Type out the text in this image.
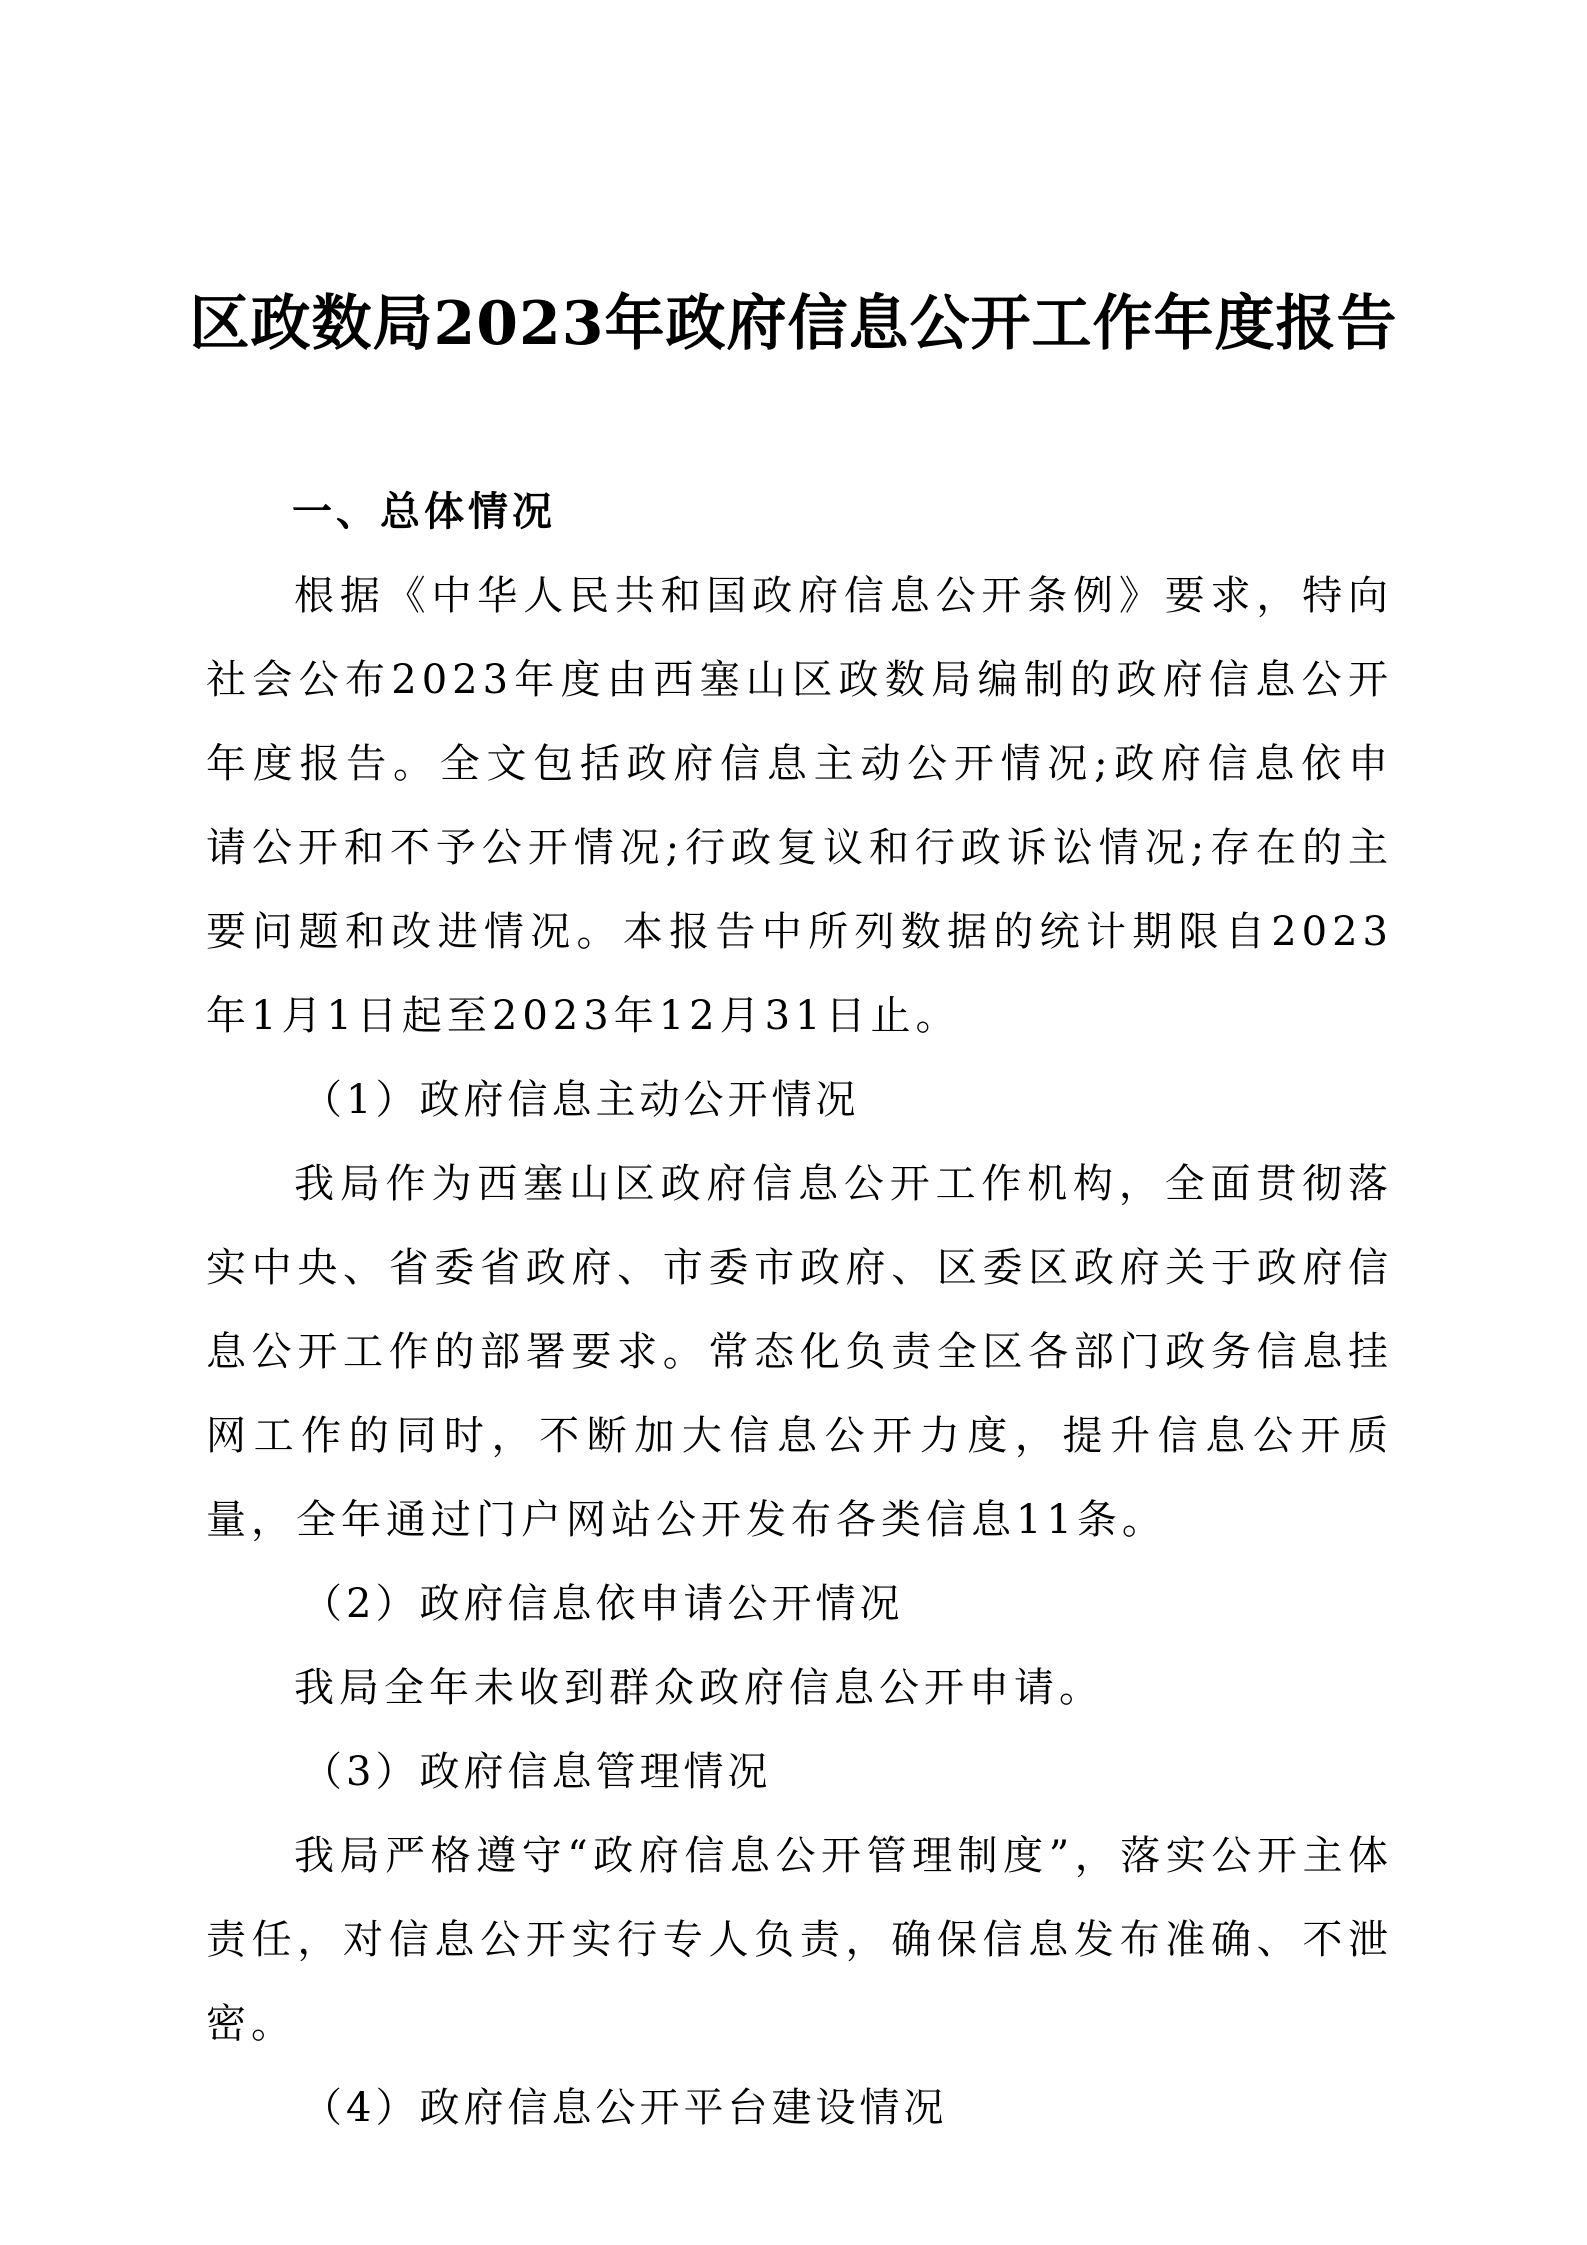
区政数局2023年政府信息公开工作年度报告

一、总体情况

根据《中华人民共和国政府信息公开条例》要求，特向社会公布2023年度由西塞山区政数局编制的政府信息公开年度报告。全文包括政府信息主动公开情况;政府信息依申请公开和不予公开情况;行政复议和行政诉讼情况;存在的主要问题和改进情况。本报告中所列数据的统计期限自2023年1月1日起至2023年12月31日止。

（1）政府信息主动公开情况

我局作为西塞山区政府信息公开工作机构，全面贯彻落实中央、省委省政府、市委市政府、区委区政府关于政府信息公开工作的部署要求。常态化负责全区各部门政务信息挂网工作的同时，不断加大信息公开力度，提升信息公开质量，全年通过门户网站公开发布各类信息11条。

（2）政府信息依申请公开情况

我局全年未收到群众政府信息公开申请。

（3）政府信息管理情况

我局严格遵守“政府信息公开管理制度”，落实公开主体责任，对信息公开实行专人负责，确保信息发布准确、不泄密。

（4）政府信息公开平台建设情况
